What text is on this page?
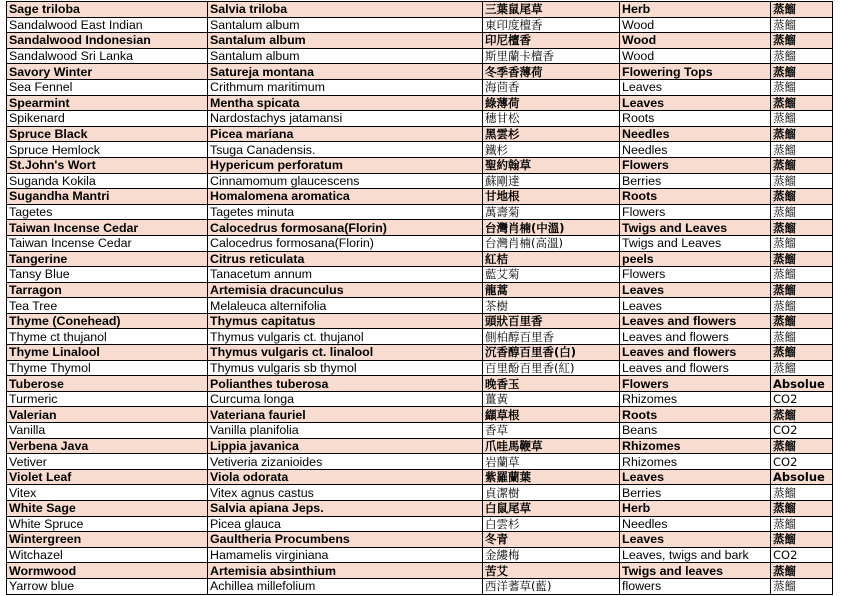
Sage triloba	Salvia triloba	三葉鼠尾草	Herb	蒸餾
Sandalwood East Indian	Santalum album	東印度檀香	Wood	蒸餾
Sandalwood Indonesian	Santalum album	印尼檀香	Wood	蒸餾
Sandalwood Sri Lanka	Santalum album	斯里蘭卡檀香	Wood	蒸餾
Savory Winter	Satureja montana	冬季香薄荷	Flowering Tops	蒸餾
Sea Fennel	Crithmum maritimum	海茴香	Leaves	蒸餾
Spearmint	Mentha spicata	綠薄荷	Leaves	蒸餾
Spikenard	Nardostachys jatamansi	穗甘松	Roots	蒸餾
Spruce Black	Picea mariana	黑雲杉	Needles	蒸餾
Spruce Hemlock	Tsuga Canadensis.	鐵杉	Needles	蒸餾
St.John's Wort	Hypericum perforatum	聖約翰草	Flowers	蒸餾
Suganda Kokila	Cinnamomum glaucescens	蘇剛達	Berries	蒸餾
Sugandha Mantri	Homalomena aromatica	甘地根	Roots	蒸餾
Tagetes	Tagetes minuta	萬壽菊	Flowers	蒸餾
Taiwan Incense Cedar	Calocedrus formosana(Florin)	台灣肖楠(中溫)	Twigs and Leaves	蒸餾
Taiwan Incense Cedar	Calocedrus formosana(Florin)	台灣肖楠(高溫)	Twigs and Leaves	蒸餾
Tangerine	Citrus reticulata	紅桔	peels	蒸餾
Tansy Blue	Tanacetum annum	藍艾菊	Flowers	蒸餾
Tarragon	Artemisia dracunculus	龍蒿	Leaves	蒸餾
Tea Tree	Melaleuca alternifolia	茶樹	Leaves	蒸餾
Thyme (Conehead)	Thymus capitatus	頭狀百里香	Leaves and flowers	蒸餾
Thyme ct thujanol	Thymus vulgaris ct. thujanol	側柏醇百里香	Leaves and flowers	蒸餾
Thyme Linalool	Thymus vulgaris ct. linalool	沉香醇百里香(白)	Leaves and flowers	蒸餾
Thyme Thymol	Thymus vulgaris sb thymol	百里酚百里香(紅)	Leaves and flowers	蒸餾
Tuberose	Polianthes tuberosa	晚香玉	Flowers	Absolue
Turmeric	Curcuma longa	薑黃	Rhizomes	CO2
Valerian	Vateriana fauriel	纈草根	Roots	蒸餾
Vanilla	Vanilla planifolia	香草	Beans	CO2
Verbena Java	Lippia javanica	爪哇馬鞭草	Rhizomes	蒸餾
Vetiver	Vetiveria zizanioides	岩蘭草	Rhizomes	CO2
Violet Leaf	Viola odorata	紫羅蘭葉	Leaves	Absolue
Vitex	Vitex agnus castus	貞潔樹	Berries	蒸餾
White Sage	Salvia apiana Jeps.	白鼠尾草	Herb	蒸餾
White Spruce	Picea glauca	白雲杉	Needles	蒸餾
Wintergreen	Gaultheria Procumbens	冬青	Leaves	蒸餾
Witchazel	Hamamelis virginiana	金縷梅	Leaves, twigs and bark	CO2
Wormwood	Artemisia absinthium	苦艾	Twigs and leaves	蒸餾
Yarrow blue	Achillea millefolium	西洋蓍草(藍)	flowers	蒸餾
